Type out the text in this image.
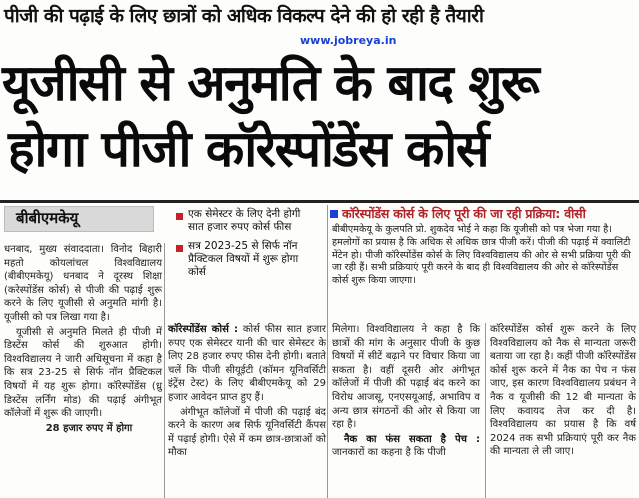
पीजी की पढ़ाई के लिए छात्रों को अधिक विकल्प देने की हो रही है तैयारी
www.jobreya.in
यूजीसी से अनुमति के बाद शुरू
होगा पीजी कॉरेस्पोंडेंस कोर्स
बीबीएमकेयू	एक सेमेस्टर के लिए देनी होगी सात हजार रुपए कोर्स फीस
सत्र 2023-25 से सिर्फ नॉन प्रैक्टिकल विषयों में शुरू होगा कोर्स
कॉरेस्पोंडेंस कोर्स के लिए पूरी की जा रही प्रक्रिया: वीसी
बीबीएमकेयू के कुलपति प्रो. शुकदेव भोई ने कहा कि यूजीसी को पत्र भेजा गया है। हमलोगों का प्रयास है कि अधिक से अधिक छात्र पीजी करें। पीजी की पढ़ाई में क्वालिटी मेंटेन हो। पीजी कॉरेस्पोंडेंस कोर्स के लिए विश्वविद्यालय की ओर से सभी प्रक्रिया पूरी की जा रही हैं। सभी प्रक्रियाएं पूरी करने के बाद ही विश्वविद्यालय की ओर से कॉरेस्पोंडेंस कोर्स शुरू किया जाएगा।

धनबाद, मुख्य संवाददाता। विनोद बिहारी महतो कोयलांचल विश्वविद्यालय (बीबीएमकेयू) धनबाद ने दूरस्थ शिक्षा (करेस्पोंडेंस कोर्स) से पीजी की पढ़ाई शुरू करने के लिए यूजीसी से अनुमति मांगी है। यूजीसी को पत्र लिखा गया है।

यूजीसी से अनुमति मिलते ही पीजी में डिस्टेंस कोर्स की शुरुआत होगी। विश्वविद्यालय ने जारी अधिसूचना में कहा है कि सत्र 23-25 से सिर्फ नॉन प्रैक्टिकल विषयों में यह शुरू होगा। कॉरेस्पोंडेंस (ध्रु डिस्टेंस लर्निंग मोड) की पढ़ाई अंगीभूत कॉलेजों में शुरू की जाएगी।

28 हजार रुपए में होगा

कॉरेस्पोंडेंस कोर्स : कोर्स फीस सात हजार रुपए एक सेमेस्टर यानी की चार सेमेस्टर के लिए 28 हजार रुपए फीस देनी होगी। बताते चलें कि पीजी सीयूईटी (कॉमन यूनिवर्सिटी इंट्रेंस टेस्ट) के लिए बीबीएमकेयू को 29 हजार आवेदन प्राप्त हुए हैं।

अंगीभूत कॉलेजों में पीजी की पढ़ाई बंद करने के कारण अब सिर्फ यूनिवर्सिटी कैंपस में पढ़ाई होगी। ऐसे में कम छात्र-छात्राओं को मौका

मिलेगा। विश्वविद्यालय ने कहा है कि छात्रों की मांग के अनुसार पीजी के कुछ विषयों में सीटें बढ़ाने पर विचार किया जा सकता है। वहीं दूसरी ओर अंगीभूत कॉलेजों में पीजी की पढ़ाई बंद करने का विरोध आजसू, एनएसयूआई, अभाविप व अन्य छात्र संगठनों की ओर से किया जा रहा है।

नैक का फंस सकता है पेच : जानकारों का कहना है कि पीजी

कॉरेस्पोंडेंस कोर्स शुरू करने के लिए विश्वविद्यालय को नैक से मान्यता जरूरी बताया जा रहा है। कहीं पीजी कॉरेस्पोंडेंस कोर्स शुरू करने में नैक का पेच न फंस जाए, इस कारण विश्वविद्यालय प्रबंधन ने नैक व यूजीसी की 12 बी मान्यता के लिए कवायद तेज कर दी है। विश्वविद्यालय का प्रयास है कि वर्ष 2024 तक सभी प्रक्रियाएं पूरी कर नैक की मान्यता ले ली जाए।
